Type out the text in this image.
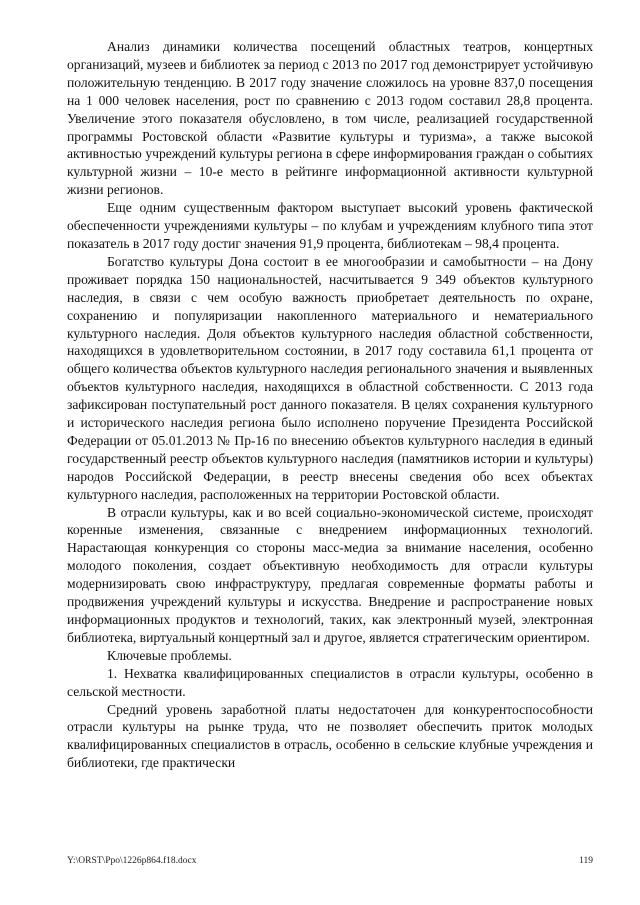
Анализ динамики количества посещений областных театров, концертных организаций, музеев и библиотек за период с 2013 по 2017 год демонстрирует устойчивую положительную тенденцию. В 2017 году значение сложилось на уровне 837,0 посещения на 1 000 человек населения, рост по сравнению с 2013 годом составил 28,8 процента. Увеличение этого показателя обусловлено, в том числе, реализацией государственной программы Ростовской области «Развитие культуры и туризма», а также высокой активностью учреждений культуры региона в сфере информирования граждан о событиях культурной жизни – 10-е место в рейтинге информационной активности культурной жизни регионов.

Еще одним существенным фактором выступает высокий уровень фактической обеспеченности учреждениями культуры – по клубам и учреждениям клубного типа этот показатель в 2017 году достиг значения 91,9 процента, библиотекам – 98,4 процента.

Богатство культуры Дона состоит в ее многообразии и самобытности – на Дону проживает порядка 150 национальностей, насчитывается 9 349 объектов культурного наследия, в связи с чем особую важность приобретает деятельность по охране, сохранению и популяризации накопленного материального и нематериального культурного наследия. Доля объектов культурного наследия областной собственности, находящихся в удовлетворительном состоянии, в 2017 году составила 61,1 процента от общего количества объектов культурного наследия регионального значения и выявленных объектов культурного наследия, находящихся в областной собственности. С 2013 года зафиксирован поступательный рост данного показателя. В целях сохранения культурного и исторического наследия региона было исполнено поручение Президента Российской Федерации от 05.01.2013 № Пр-16 по внесению объектов культурного наследия в единый государственный реестр объектов культурного наследия (памятников истории и культуры) народов Российской Федерации, в реестр внесены сведения обо всех объектах культурного наследия, расположенных на территории Ростовской области.

В отрасли культуры, как и во всей социально-экономической системе, происходят коренные изменения, связанные с внедрением информационных технологий. Нарастающая конкуренция со стороны масс-медиа за внимание населения, особенно молодого поколения, создает объективную необходимость для отрасли культуры модернизировать свою инфраструктуру, предлагая современные форматы работы и продвижения учреждений культуры и искусства. Внедрение и распространение новых информационных продуктов и технологий, таких, как электронный музей, электронная библиотека, виртуальный концертный зал и другое, является стратегическим ориентиром.

Ключевые проблемы.

1. Нехватка квалифицированных специалистов в отрасли культуры, особенно в сельской местности.

Средний уровень заработной платы недостаточен для конкурентоспособности отрасли культуры на рынке труда, что не позволяет обеспечить приток молодых квалифицированных специалистов в отрасль, особенно в сельские клубные учреждения и библиотеки, где практически

Y:\ORST\Ppo\1226p864.f18.docx	119
